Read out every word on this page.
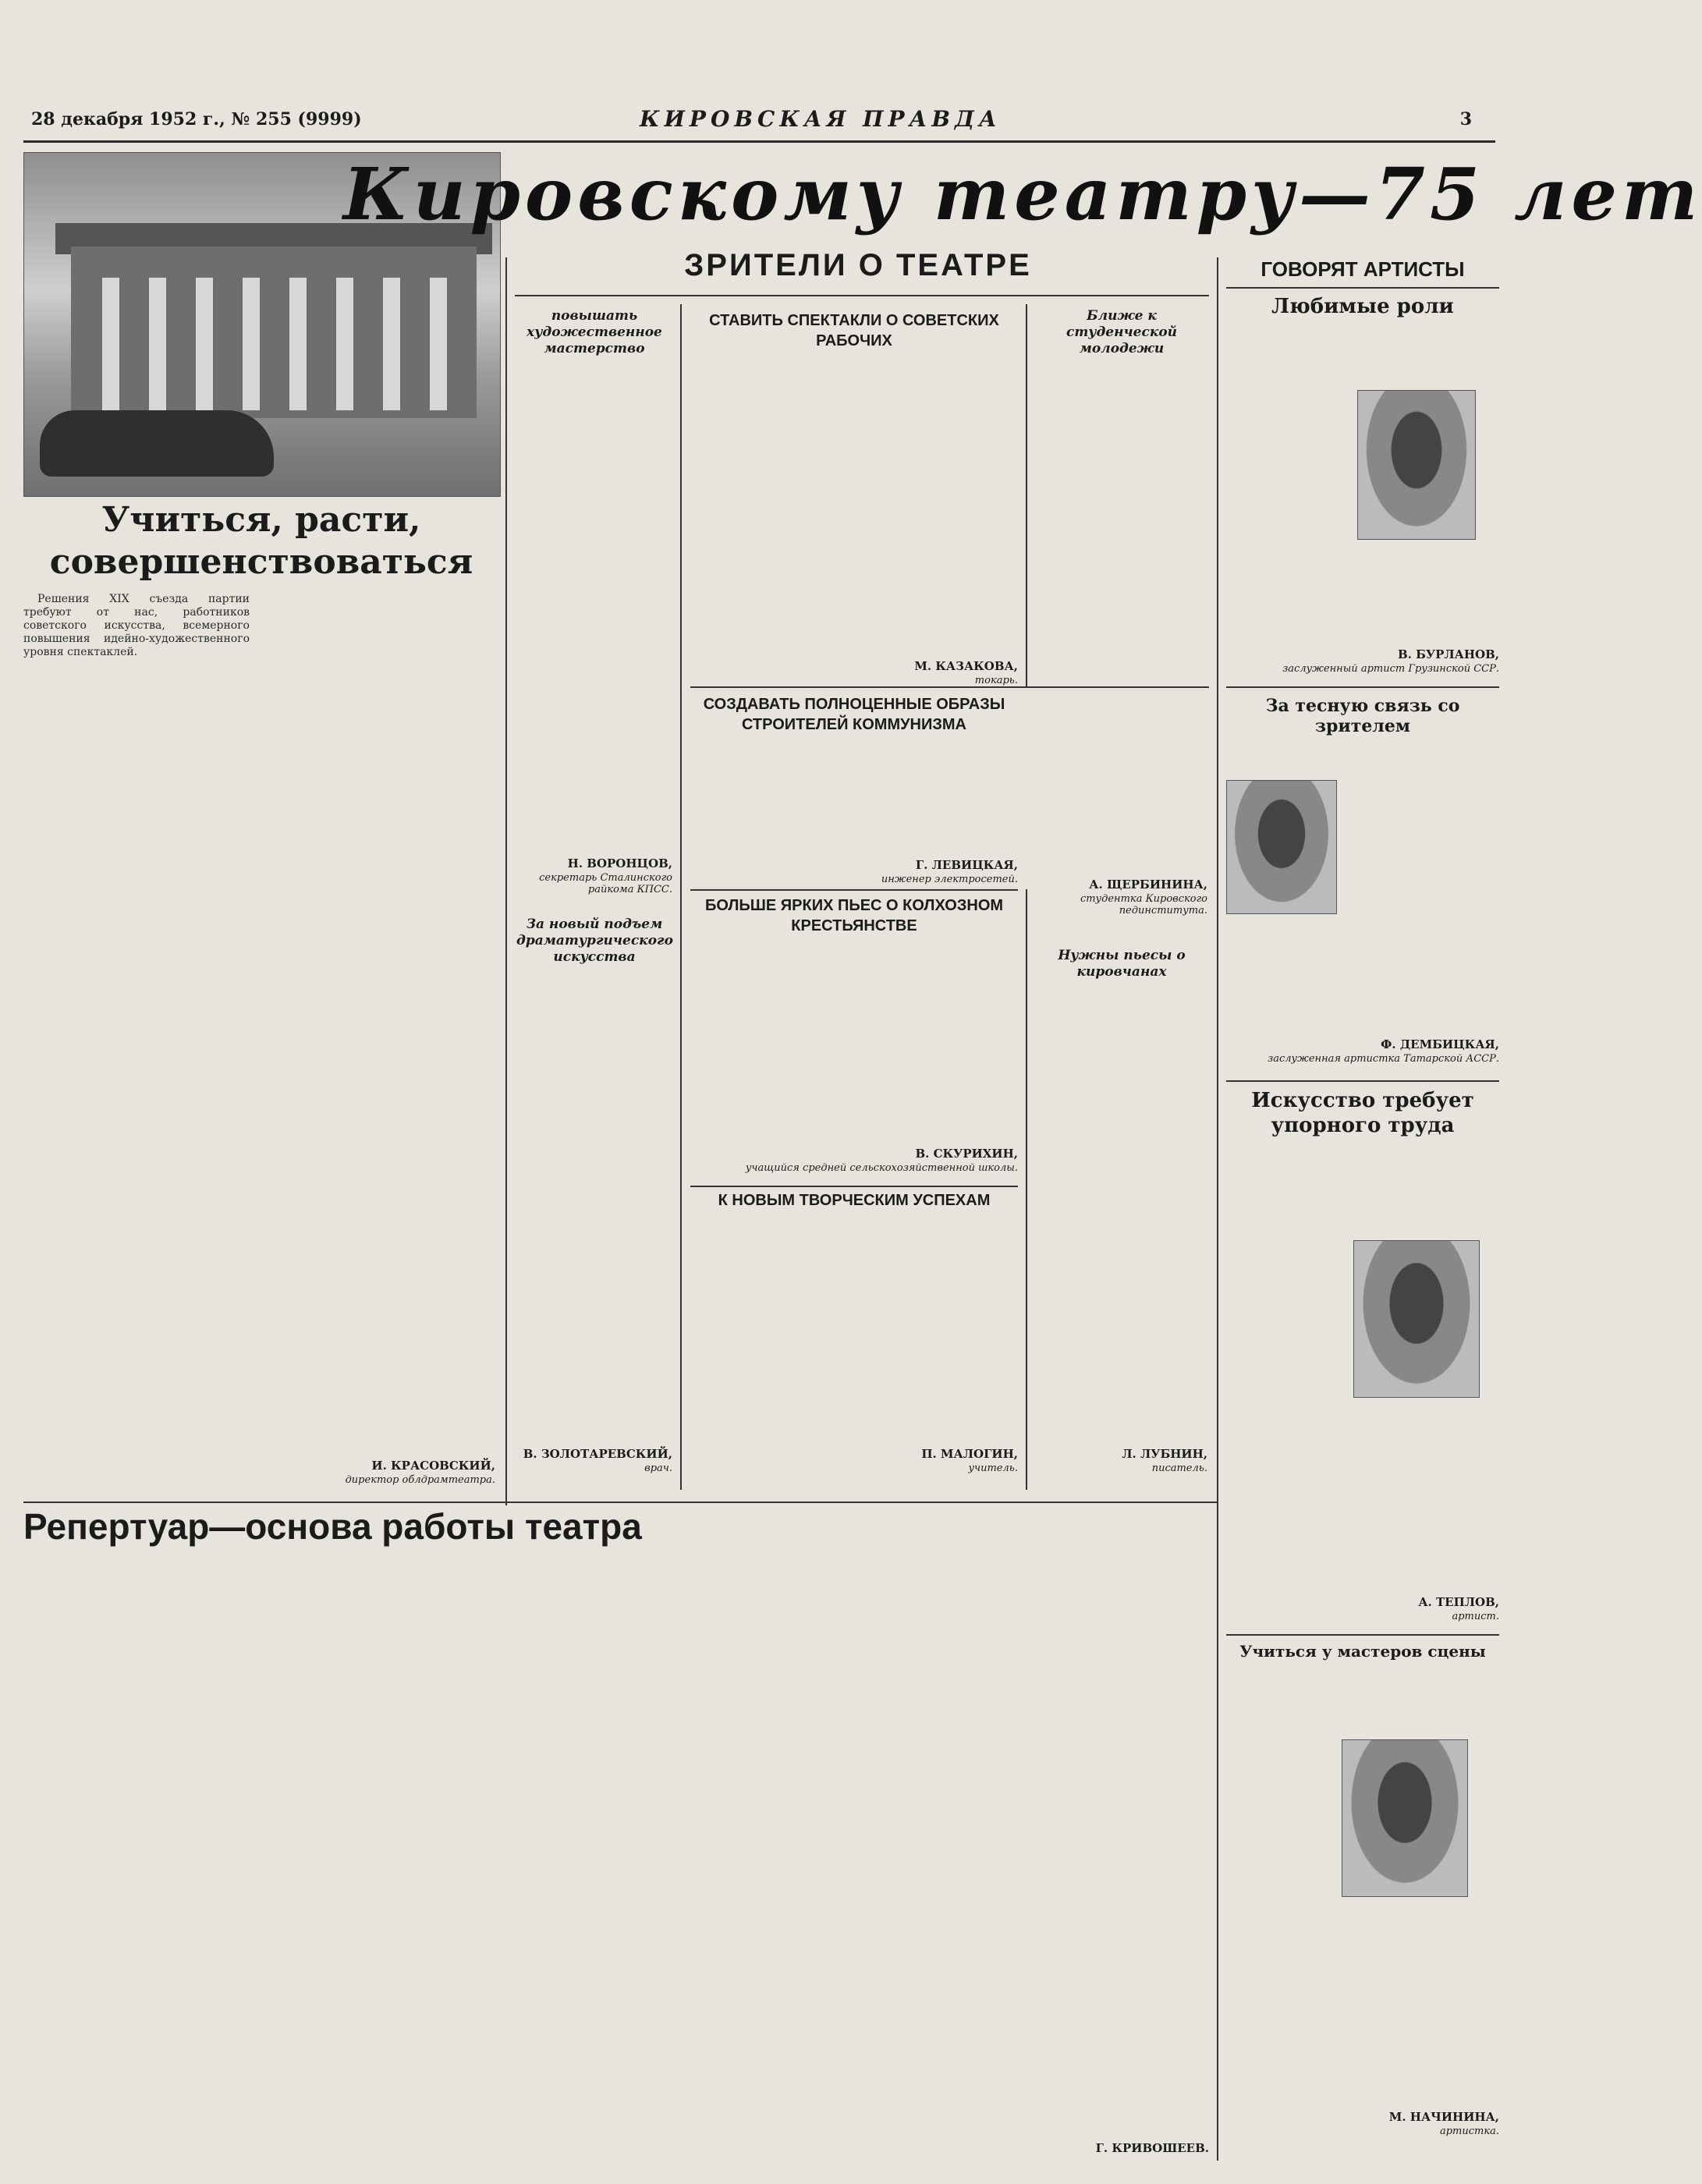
28 декабря 1952 г., № 255 (9999)	КИРОВСКАЯ ПРАВДА	3
Кировскому театру—75 лет
Учиться, расти,
совершенствоваться

Решения XIX съезда партии требуют от нас, работников советского искусства, всемерного повышения идейно-художественного уровня спектаклей.

И. КРАСОВСКИЙ,
директор облдрамтеатра.
ЗРИТЕЛИ О ТЕАТРЕ
повышать художественное мастерство
Н. ВОРОНЦОВ,
секретарь Сталинского райкома КПСС.
За новый подъем драматургического искусства
В. ЗОЛОТАРЕВСКИЙ,
врач.
СТАВИТЬ СПЕКТАКЛИ О СОВЕТСКИХ РАБОЧИХ
М. КАЗАКОВА,
токарь.
СОЗДАВАТЬ ПОЛНОЦЕННЫЕ ОБРАЗЫ СТРОИТЕЛЕЙ КОММУНИЗМА
Г. ЛЕВИЦКАЯ,
инженер электросетей.
БОЛЬШЕ ЯРКИХ ПЬЕС О КОЛХОЗНОМ КРЕСТЬЯНСТВЕ
В. СКУРИХИН,
учащийся средней сельскохозяйственной школы.
К НОВЫМ ТВОРЧЕСКИМ УСПЕХАМ
П. МАЛОГИН,
учитель.
Ближе к студенческой молодежи
А. ЩЕРБИНИНА,
студентка Кировского пединститута.
Нужны пьесы о кировчанах
Л. ЛУБНИН,
писатель.
ГОВОРЯТ АРТИСТЫ
Любимые роли
В. БУРЛАНОВ,
заслуженный артист Грузинской ССР.
За тесную связь со зрителем
Ф. ДЕМБИЦКАЯ,
заслуженная артистка Татарской АССР.
Искусство требует
упорного труда
А. ТЕПЛОВ,
артист.
Учиться у мастеров сцены
М. НАЧИНИНА,
артистка.
Репертуар—основа работы театра
Г. КРИВОШЕЕВ.
